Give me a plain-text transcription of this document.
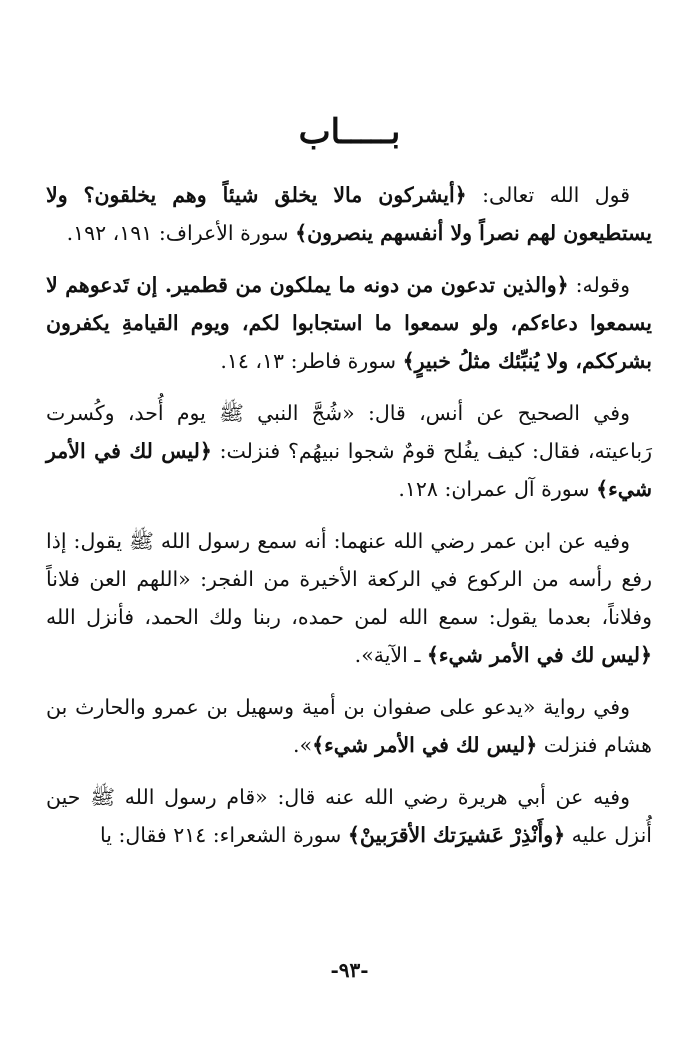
بـــــاب

قول الله تعالى: ﴿أيشركون مالا يخلق شيئاً وهم يخلقون؟ ولا يستطيعون لهم نصراً ولا أنفسهم ينصرون﴾ سورة الأعراف: ١٩١، ١٩٢.

وقوله: ﴿والذين تدعون من دونه ما يملكون من قطمير. إن تَدعوهم لا يسمعوا دعاءكم، ولو سمعوا ما استجابوا لكم، ويوم القيامةِ يكفرون بشرككم، ولا يُنبِّئك مثلُ خبيرٍ﴾ سورة فاطر: ١٣، ١٤.

وفي الصحيح عن أنس، قال: «شُجَّ النبي ﷺ يوم أُحد، وكُسرت رَباعيته، فقال: كيف يفُلح قومٌ شجوا نبيهُم؟ فنزلت: ﴿ليس لك في الأمر شيء﴾ سورة آل عمران: ١٢٨.

وفيه عن ابن عمر رضي الله عنهما: أنه سمع رسول الله ﷺ يقول: إذا رفع رأسه من الركوع في الركعة الأخيرة من الفجر: «اللهم العن فلاناً وفلاناً، بعدما يقول: سمع الله لمن حمده، ربنا ولك الحمد، فأنزل الله ﴿ليس لك في الأمر شيء﴾ ـ الآية».

وفي رواية «يدعو على صفوان بن أمية وسهيل بن عمرو والحارث بن هشام فنزلت ﴿ليس لك في الأمر شيء﴾».

وفيه عن أبي هريرة رضي الله عنه قال: «قام رسول الله ﷺ حين أُنزل عليه ﴿وأَنْذِرْ عَشيرَتك الأقرَبينْ﴾ سورة الشعراء: ٢١٤ فقال: يا

-٩٣-
